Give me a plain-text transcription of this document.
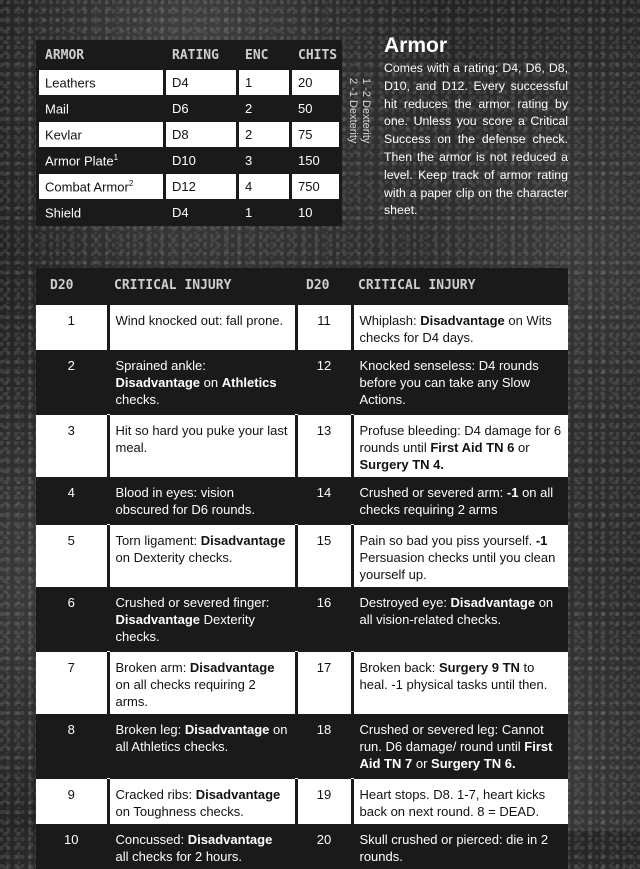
ARMOR	RATING	ENC	CHITS
Leathers	D4	1	20
Mail	D6	2	50
Kevlar	D8	2	75
Armor Plate$^1$	D10	3	150
Combat Armor$^2$	D12	4	750
Shield	D4	1	10
1 -2 Dexterity
2 -1 Dexterity
Armor

Comes with a rating: D4, D6, D8, D10, and D12. Every successful hit reduces the armor rating by one. Unless you score a Critical Success on the defense check. Then the armor is not reduced a level. Keep track of armor rating with a paper clip on the character sheet.

D20	CRITICAL INJURY	D20	CRITICAL INJURY
1	Wind knocked out: fall prone.	11	Whiplash: Disadvantage on Wits checks for D4 days.
2	Sprained ankle: Disadvantage on Athletics checks.	12	Knocked senseless: D4 rounds before you can take any Slow Actions.
3	Hit so hard you puke your last meal.	13	Profuse bleeding: D4 damage for 6 rounds until First Aid TN 6 or Surgery TN 4.
4	Blood in eyes: vision obscured for D6 rounds.	14	Crushed or severed arm: -1 on all checks requiring 2 arms
5	Torn ligament: Disadvantage on Dexterity checks.	15	Pain so bad you piss yourself. -1 Persuasion checks until you clean yourself up.
6	Crushed or severed finger: Disadvantage Dexterity checks.	16	Destroyed eye: Disadvantage on all vision-related checks.
7	Broken arm: Disadvantage on all checks requiring 2 arms.	17	Broken back: Surgery 9 TN to heal. -1 physical tasks until then.
8	Broken leg: Disadvantage on all Athletics checks.	18	Crushed or severed leg: Cannot run. D6 damage/ round until First Aid TN 7 or Surgery TN 6.
9	Cracked ribs: Disadvantage on Toughness checks.	19	Heart stops. D8. 1-7, heart kicks back on next round. 8 = DEAD.
10	Concussed: Disadvantage all checks for 2 hours.	20	Skull crushed or pierced: die in 2 rounds.
